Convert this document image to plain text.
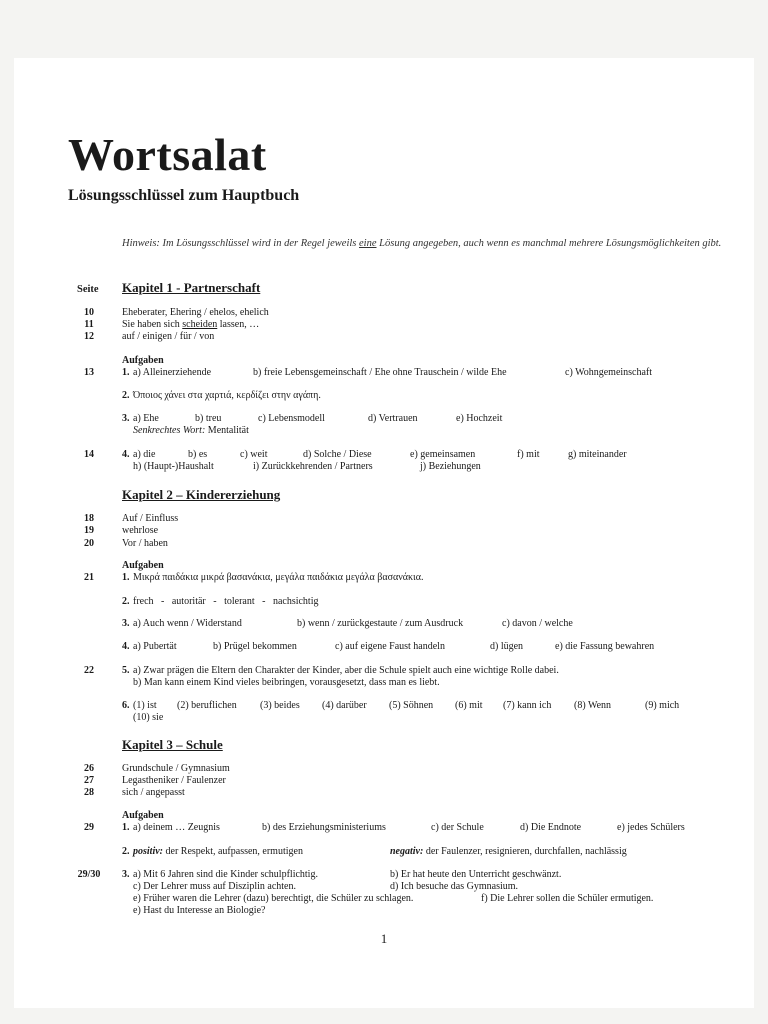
Wortsalat
Lösungsschlüssel zum Hauptbuch
Hinweis: Im Lösungsschlüssel wird in der Regel jeweils eine Lösung angegeben, auch wenn es manchmal mehrere Lösungsmöglichkeiten gibt.
Seite Kapitel 1 - Partnerschaft
10	Eheberater, Ehering / ehelos, ehelich
11	Sie haben sich scheiden lassen, …
12	auf / einigen / für / von
Aufgaben
13	1. a) Alleinerziehende	b) freie Lebensgemeinschaft / Ehe ohne Trauschein / wilde Ehe	c) Wohngemeinschaft
2. Όποιος χάνει στα χαρτιά, κερδίζει στην αγάπη.
3. a) Ehe	b) treu	c) Lebensmodell	d) Vertrauen	e) Hochzeit
Senkrechtes Wort: Mentalität
14	4. a) die	b) es	c) weit	d) Solche / Diese	e) gemeinsamen	f) mit	g) miteinander
h) (Haupt-)Haushalt	i) Zurückkehrenden / Partners	j) Beziehungen
Kapitel 2 – Kindererziehung
18	Auf / Einfluss
19	wehrlose
20	Vor / haben
Aufgaben
21	1. Μικρά παιδάκια μικρά βασανάκια, μεγάλα παιδάκια μεγάλα βασανάκια.
2. frech   -   autoritär   -   tolerant   -   nachsichtig
3. a) Auch wenn / Widerstand	b) wenn / zurückgestaute / zum Ausdruck	c) davon / welche
4. a) Pubertät	b) Prügel bekommen	c) auf eigene Faust handeln	d) lügen	e) die Fassung bewahren
22	5. a) Zwar prägen die Eltern den Charakter der Kinder, aber die Schule spielt auch eine wichtige Rolle dabei.
b) Man kann einem Kind vieles beibringen, vorausgesetzt, dass man es liebt.
6. (1) ist (2) beruflichen (3) beides (4) darüber (5) Söhnen (6) mit (7) kann ich (8) Wenn	(9) mich
(10) sie
Kapitel 3 – Schule
26	Grundschule / Gymnasium
27	Legastheniker / Faulenzer
28	sich / angepasst
Aufgaben
29	1. a) deinem … Zeugnis	b) des Erziehungsministeriums	c) der Schule	d) Die Endnote	e) jedes Schülers
2. positiv: der Respekt, aufpassen, ermutigen	negativ: der Faulenzer, resignieren, durchfallen, nachlässig
29/30	3. a) Mit 6 Jahren sind die Kinder schulpflichtig.	b) Er hat heute den Unterricht geschwänzt.
c) Der Lehrer muss auf Disziplin achten.	d) Ich besuche das Gymnasium.
e) Früher waren die Lehrer (dazu) berechtigt, die Schüler zu schlagen.	f) Die Lehrer sollen die Schüler ermutigen.
e) Hast du Interesse an Biologie?
1
